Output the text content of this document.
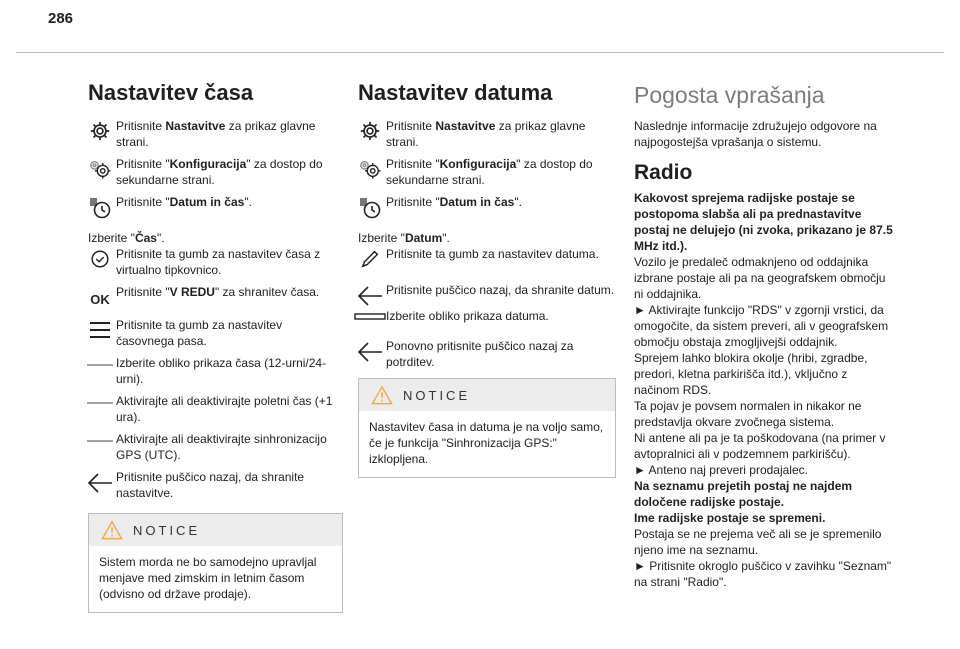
286
Nastavitev časa
Pritisnite Nastavitve za prikaz glavne strani.
Pritisnite "Konfiguracija" za dostop do sekundarne strani.
Pritisnite "Datum in čas".
Izberite "Čas".
Pritisnite ta gumb za nastavitev časa z virtualno tipkovnico.
OK Pritisnite "V REDU" za shranitev časa.
Pritisnite ta gumb za nastavitev časovnega pasa.
Izberite obliko prikaza časa (12-urni/24-urni).
Aktivirajte ali deaktivirajte poletni čas (+1 ura).
Aktivirajte ali deaktivirajte sinhronizacijo GPS (UTC).
Pritisnite puščico nazaj, da shranite nastavitve.
NOTICE
Sistem morda ne bo samodejno upravljal menjave med zimskim in letnim časom (odvisno od države prodaje).
Nastavitev datuma
Pritisnite Nastavitve za prikaz glavne strani.
Pritisnite "Konfiguracija" za dostop do sekundarne strani.
Pritisnite "Datum in čas".
Izberite "Datum".
Pritisnite ta gumb za nastavitev datuma.
Pritisnite puščico nazaj, da shranite datum.
Izberite obliko prikaza datuma.
Ponovno pritisnite puščico nazaj za potrditev.
NOTICE
Nastavitev časa in datuma je na voljo samo, če je funkcija "Sinhronizacija GPS:" izklopljena.
Pogosta vprašanja
Naslednje informacije združujejo odgovore na najpogostejša vprašanja o sistemu.
Radio
Kakovost sprejema radijske postaje se postopoma slabša ali pa prednastavitve postaj ne delujejo (ni zvoka, prikazano je 87.5 MHz itd.).
Vozilo je predaleč odmaknjeno od oddajnika izbrane postaje ali pa na geografskem območju ni oddajnika.
► Aktivirajte funkcijo "RDS" v zgornji vrstici, da omogočite, da sistem preveri, ali v geografskem območju obstaja zmogljivejši oddajnik.
Sprejem lahko blokira okolje (hribi, zgradbe, predori, kletna parkirišča itd.), vključno z načinom RDS.
Ta pojav je povsem normalen in nikakor ne predstavlja okvare zvočnega sistema.
Ni antene ali pa je ta poškodovana (na primer v avtopralnici ali v podzemnem parkirišču).
► Anteno naj preveri prodajalec.
Na seznamu prejetih postaj ne najdem določene radijske postaje.
Ime radijske postaje se spremeni.
Postaja se ne prejema več ali se je spremenilo njeno ime na seznamu.
► Pritisnite okroglo puščico v zavihku "Seznam" na strani "Radio".
